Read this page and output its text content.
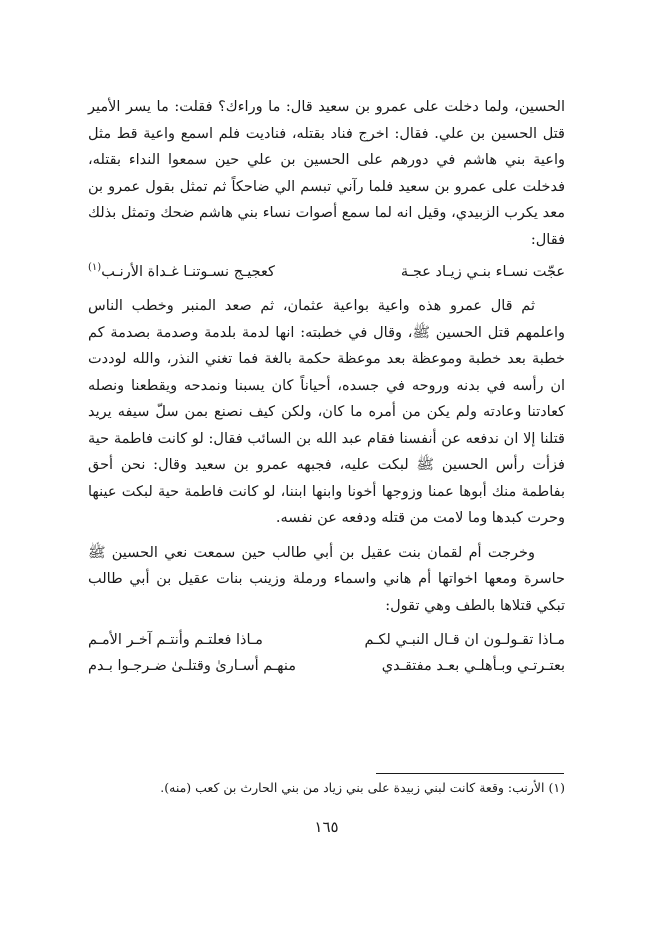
الحسين، ولما دخلت على عمرو بن سعيد قال: ما وراءك؟ فقلت: ما يسر الأمير قتل الحسين بن علي. فقال: اخرج فناد بقتله، فناديت فلم اسمع واعية قط مثل واعية بني هاشم في دورهم على الحسين بن علي حين سمعوا النداء بقتله، فدخلت على عمرو بن سعيد فلما رآني تبسم الي ضاحكاً ثم تمثل بقول عمرو بن معد يكرب الزبيدي، وقيل انه لما سمع أصوات نساء بني هاشم ضحك وتمثل بذلك فقال:

عجّت نسـاء بنـي زيـاد عجـة
كعجيـج نسـوتنـا غـداة الأرنـب$^{(١)}$

ثم قال عمرو هذه واعية بواعية عثمان، ثم صعد المنبر وخطب الناس واعلمهم قتل الحسين ﷺ، وقال في خطبته: انها لدمة بلدمة وصدمة بصدمة كم خطبة بعد خطبة وموعظة بعد موعظة حكمة بالغة فما تغني النذر، والله لوددت ان رأسه في بدنه وروحه في جسده، أحياناً كان يسبنا ونمدحه ويقطعنا ونصله كعادتنا وعادته ولم يكن من أمره ما كان، ولكن كيف نصنع بمن سلّ سيفه يريد قتلنا إلا ان ندفعه عن أنفسنا فقام عبد الله بن السائب فقال: لو كانت فاطمة حية فزأت رأس الحسين ﷺ لبكت عليه، فجبهه عمرو بن سعيد وقال: نحن أحق بفاطمة منك أبوها عمنا وزوجها أخونا وابنها ابننا، لو كانت فاطمة حية لبكت عينها وحرت كبدها وما لامت من قتله ودفعه عن نفسه.

وخرجت أم لقمان بنت عقيل بن أبي طالب حين سمعت نعي الحسين ﷺ حاسرة ومعها اخواتها أم هاني واسماء ورملة وزينب بنات عقيل بن أبي طالب تبكي قتلاها بالطف وهي تقول:

مـاذا تقـولـون ان قـال النبـي لكـم
مـاذا فعلتـم وأنتـم آخـر الأمـم
بعتـرتـي وبـأهلـي بعـد مفتقـدي
منهـم أسـارىٰ وقتلـىٰ ضـرجـوا بـدم
(١) الأرنب: وقعة كانت لبني زبيدة على بني زياد من بني الحارث بن كعب (منه).
١٦٥
